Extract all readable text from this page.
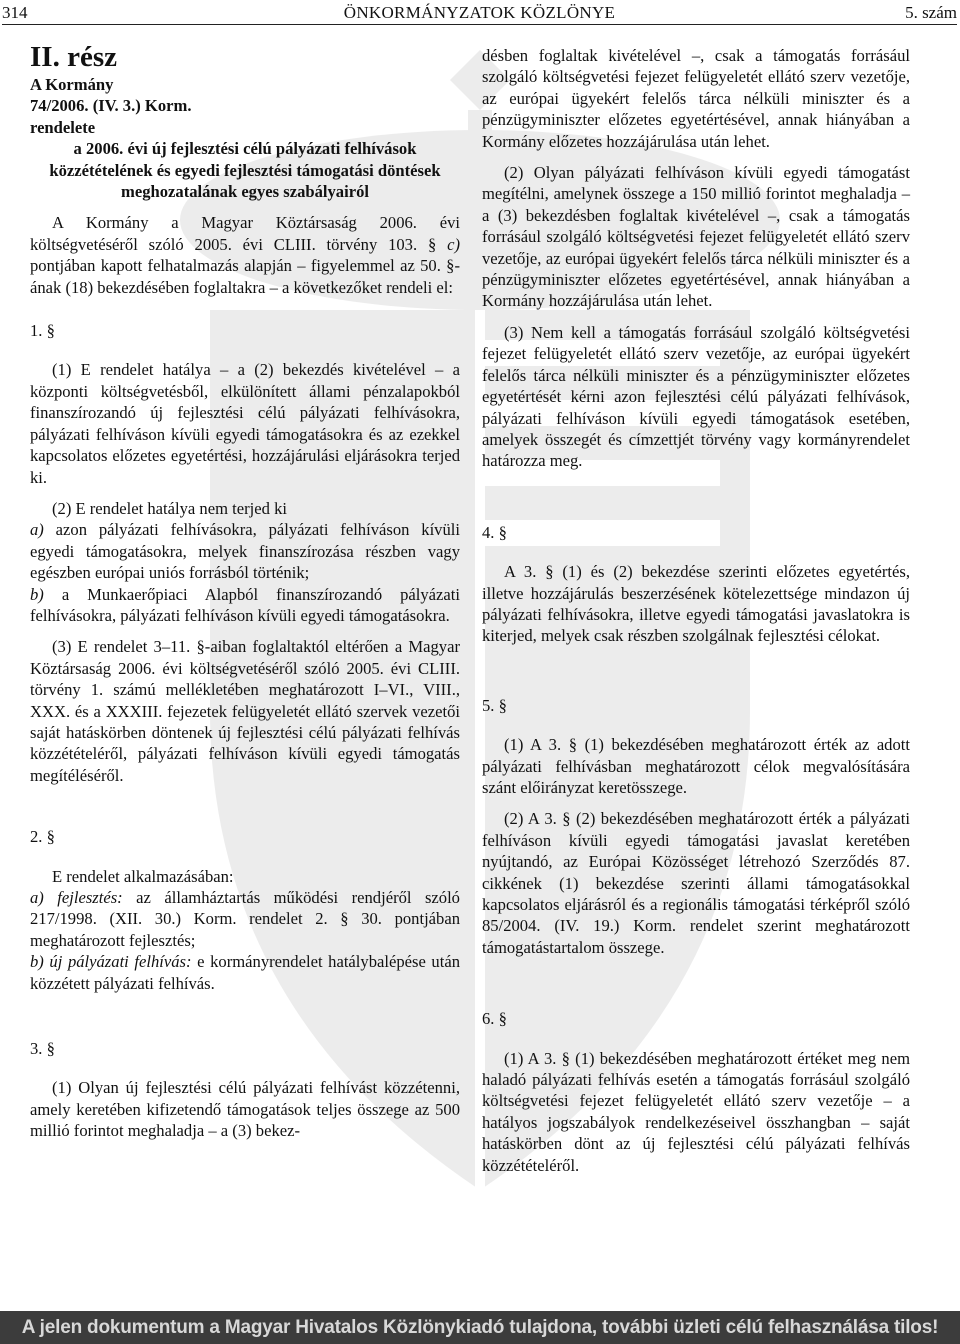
314	ÖNKORMÁNYZATOK KÖZLÖNYE	5. szám

II. rész

A Kormány

74/2006. (IV. 3.) Korm.

rendelete

a 2006. évi új fejlesztési célú pályázati felhívások közzétételének és egyedi fejlesztési támogatási döntések meghozatalának egyes szabályairól

A Kormány a Magyar Köztársaság 2006. évi költségvetéséről szóló 2005. évi CLIII. törvény 103. § c) pontjában kapott felhatalmazás alapján – figyelemmel az 50. §-ának (18) bekezdésében foglaltakra – a következőket rendeli el:

1. §

(1) E rendelet hatálya – a (2) bekezdés kivételével – a központi költségvetésből, elkülönített állami pénzalapokból finanszírozandó új fejlesztési célú pályázati felhívásokra, pályázati felhíváson kívüli egyedi támogatásokra és az ezekkel kapcsolatos előzetes egyetértési, hozzájárulási eljárásokra terjed ki.

(2) E rendelet hatálya nem terjed ki

a) azon pályázati felhívásokra, pályázati felhíváson kívüli egyedi támogatásokra, melyek finanszírozása részben vagy egészben európai uniós forrásból történik;

b) a Munkaerőpiaci Alapból finanszírozandó pályázati felhívásokra, pályázati felhíváson kívüli egyedi támogatásokra.

(3) E rendelet 3–11. §-aiban foglaltaktól eltérően a Magyar Köztársaság 2006. évi költségvetéséről szóló 2005. évi CLIII. törvény 1. számú mellékletében meghatározott I–VI., VIII., XXX. és a XXXIII. fejezetek felügyeletét ellátó szervek vezetői saját hatáskörben döntenek új fejlesztési célú pályázati felhívás közzétételéről, pályázati felhíváson kívüli egyedi támogatás megítéléséről.

2. §

E rendelet alkalmazásában:

a) fejlesztés: az államháztartás működési rendjéről szóló 217/1998. (XII. 30.) Korm. rendelet 2. § 30. pontjában meghatározott fejlesztés;

b) új pályázati felhívás: e kormányrendelet hatálybalépése után közzétett pályázati felhívás.

3. §

(1) Olyan új fejlesztési célú pályázati felhívást közzétenni, amely keretében kifizetendő támogatások teljes összege az 500 millió forintot meghaladja – a (3) bekez-

désben foglaltak kivételével –, csak a támogatás forrásául szolgáló költségvetési fejezet felügyeletét ellátó szerv vezetője, az európai ügyekért felelős tárca nélküli miniszter és a pénzügyminiszter előzetes egyetértésével, annak hiányában a Kormány előzetes hozzájárulása után lehet.

(2) Olyan pályázati felhíváson kívüli egyedi támogatást megítélni, amelynek összege a 150 millió forintot meghaladja – a (3) bekezdésben foglaltak kivételével –, csak a támogatás forrásául szolgáló költségvetési fejezet felügyeletét ellátó szerv vezetője, az európai ügyekért felelős tárca nélküli miniszter és a pénzügyminiszter előzetes egyetértésével, annak hiányában a Kormány hozzájárulása után lehet.

(3) Nem kell a támogatás forrásául szolgáló költségvetési fejezet felügyeletét ellátó szerv vezetője, az európai ügyekért felelős tárca nélküli miniszter és a pénzügyminiszter előzetes egyetértését kérni azon fejlesztési célú pályázati felhívások, pályázati felhíváson kívüli egyedi támogatások esetében, amelyek összegét és címzettjét törvény vagy kormányrendelet határozza meg.

4. §

A 3. § (1) és (2) bekezdése szerinti előzetes egyetértés, illetve hozzájárulás beszerzésének kötelezettsége mindazon új pályázati felhívásokra, illetve egyedi támogatási javaslatokra is kiterjed, melyek csak részben szolgálnak fejlesztési célokat.

5. §

(1) A 3. § (1) bekezdésében meghatározott érték az adott pályázati felhívásban meghatározott célok megvalósítására szánt előirányzat keretösszege.

(2) A 3. § (2) bekezdésében meghatározott érték a pályázati felhíváson kívüli egyedi támogatási javaslat keretében nyújtandó, az Európai Közösséget létrehozó Szerződés 87. cikkének (1) bekezdése szerinti állami támogatásokkal kapcsolatos eljárásról és a regionális támogatási térképről szóló 85/2004. (IV. 19.) Korm. rendelet szerint meghatározott támogatástartalom összege.

6. §

(1) A 3. § (1) bekezdésében meghatározott értéket meg nem haladó pályázati felhívás esetén a támogatás forrásául szolgáló költségvetési fejezet felügyeletét ellátó szerv vezetője – a hatályos jogszabályok rendelkezéseivel összhangban – saját hatáskörben dönt az új fejlesztési célú pályázati felhívás közzétételéről.

A jelen dokumentum a Magyar Hivatalos Közlönykiadó tulajdona, további üzleti célú felhasználása tilos!
